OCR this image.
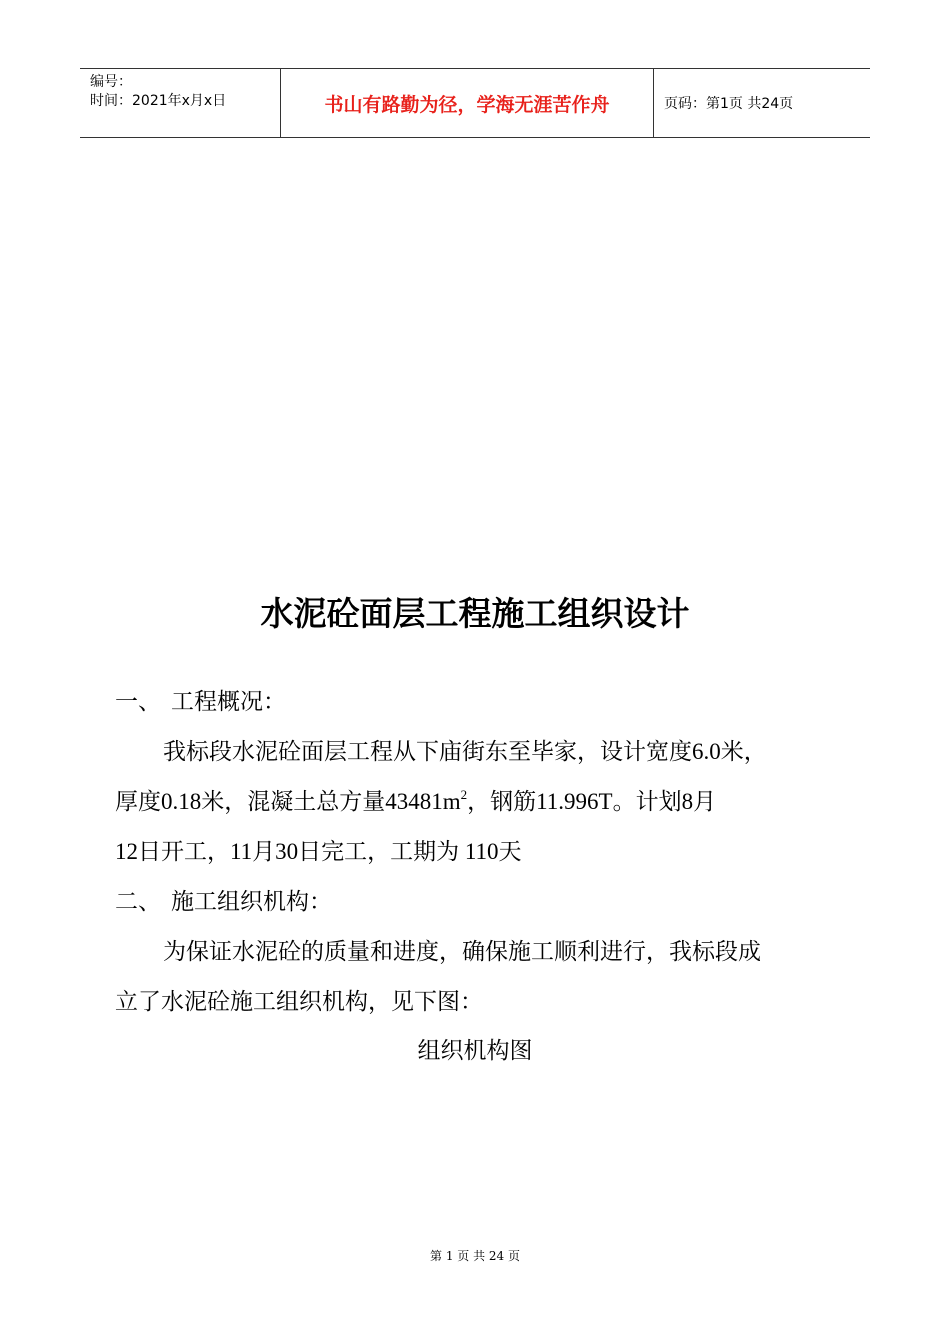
编号：
时间：2021年x月x日	书山有路勤为径，学海无涯苦作舟	页码：第1页 共24页
水泥砼面层工程施工组织设计
一、 工程概况：
我标段水泥砼面层工程从下庙街东至毕家，设计宽度6.0米，
厚度0.18米，混凝土总方量$43481m^2$，钢筋11.996T。计划8月
12日开工，11月30日完工，工期为 110天
二、 施工组织机构：
为保证水泥砼的质量和进度，确保施工顺利进行，我标段成
立了水泥砼施工组织机构，见下图：
组织机构图
第 1 页 共 24 页
